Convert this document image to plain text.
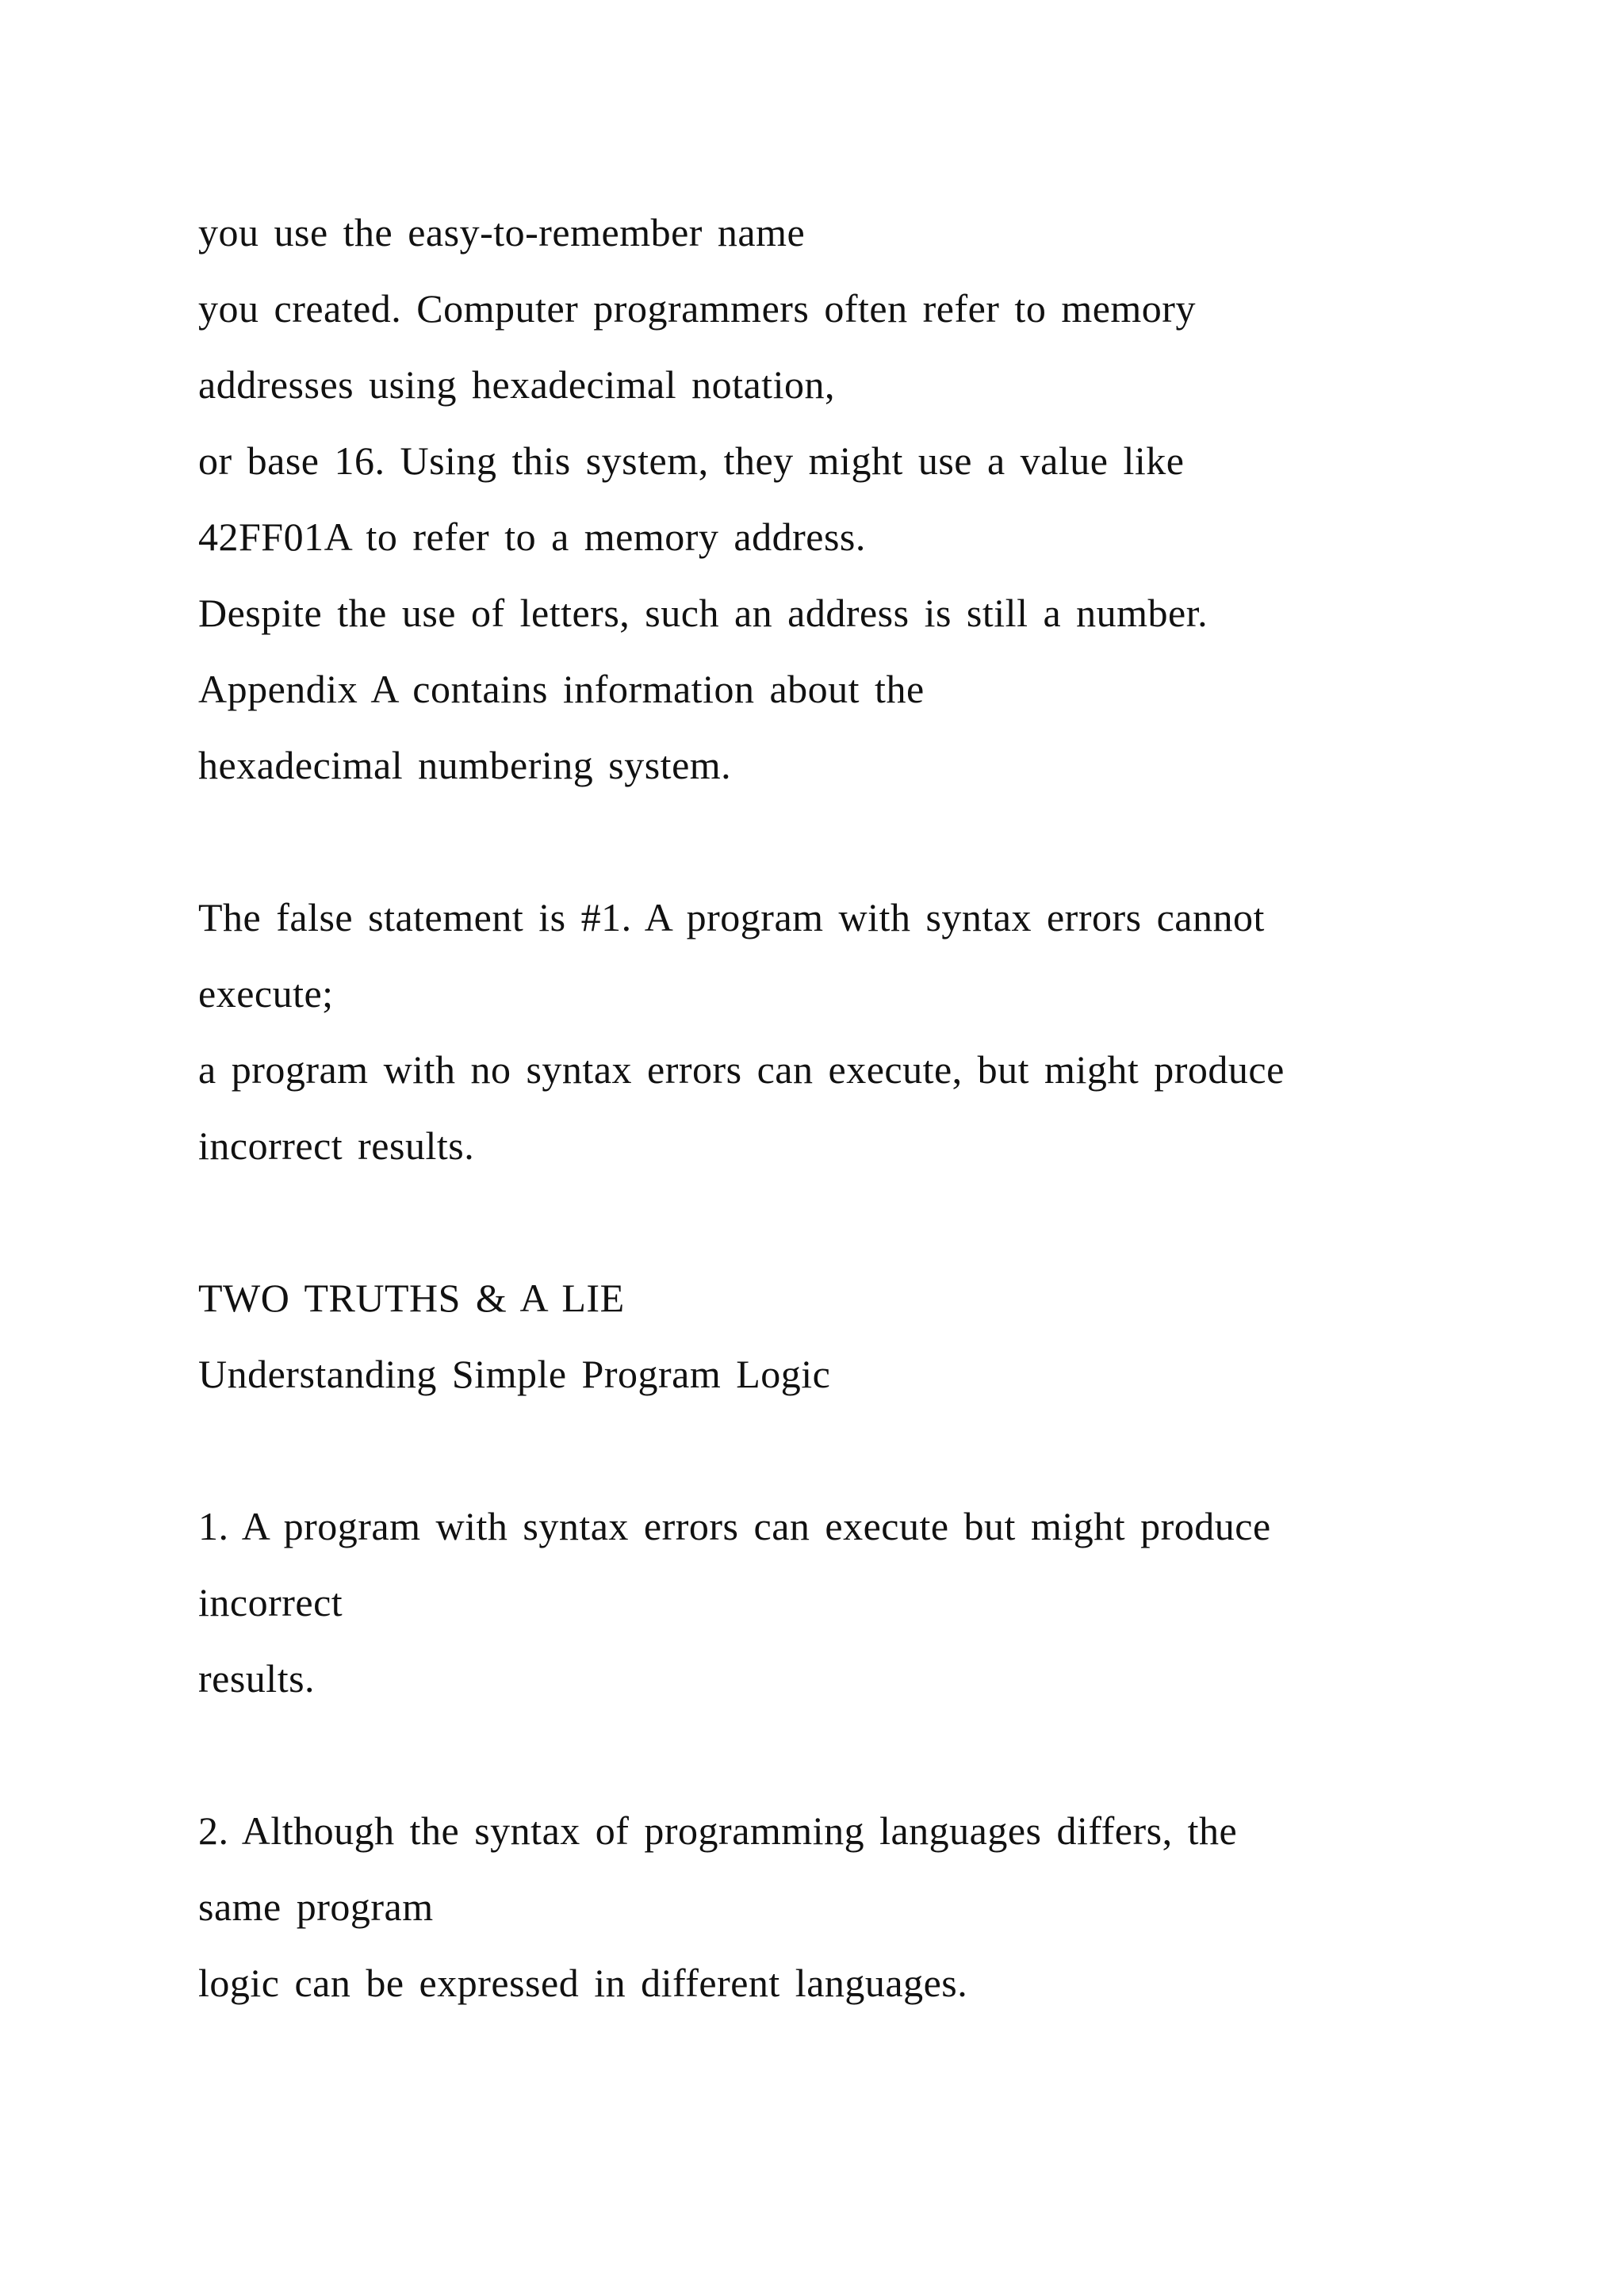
you use the easy-to-remember name
you created. Computer programmers often refer to memory
addresses using hexadecimal notation,
or base 16. Using this system, they might use a value like
42FF01A to refer to a memory address.
Despite the use of letters, such an address is still a number.
Appendix A contains information about the
hexadecimal numbering system.
The false statement is #1. A program with syntax errors cannot
execute;
a program with no syntax errors can execute, but might produce
incorrect results.
TWO TRUTHS & A LIE
Understanding Simple Program Logic
1. A program with syntax errors can execute but might produce
incorrect
results.
2. Although the syntax of programming languages differs, the
same program
logic can be expressed in different languages.
